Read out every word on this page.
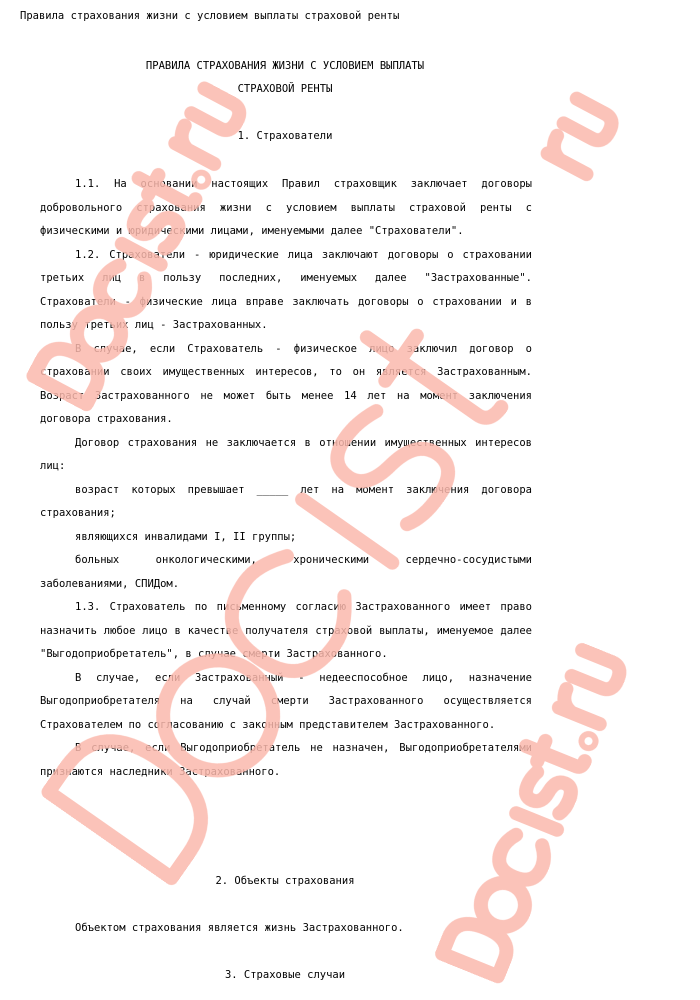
Правила страхования жизни с условием выплаты страховой ренты
ПРАВИЛА СТРАХОВАНИЯ ЖИЗНИ С УСЛОВИЕМ ВЫПЛАТЫ
СТРАХОВОЙ РЕНТЫ
1. Страхователи

1.1. На основании настоящих Правил страховщик заключает договоры добровольного страхования жизни с условием выплаты страховой ренты с физическими и юридическими лицами, именуемыми далее "Страхователи".

1.2. Страхователи - юридические лица заключают договоры о страховании третьих лиц в пользу последних, именуемых далее "Застрахованные". Страхователи - физические лица вправе заключать договоры о страховании и в пользу третьих лиц - Застрахованных.

В случае, если Страхователь - физическое лицо заключил договор о страховании своих имущественных интересов, то он является Застрахованным. Возраст Застрахованного не может быть менее 14 лет на момент заключения договора страхования.

Договор страхования не заключается в отношении имущественных интересов лиц:

возраст которых превышает _____ лет на момент заключения договора страхования;

являющихся инвалидами I, II группы;

больных онкологическими, хроническими сердечно-сосудистыми заболеваниями, СПИДом.

1.3. Страхователь по письменному согласию Застрахованного имеет право назначить любое лицо в качестве получателя страховой выплаты, именуемое далее "Выгодоприобретатель", в случае смерти Застрахованного.

В случае, если Застрахованный - недееспособное лицо, назначение Выгодоприобретателя на случай смерти Застрахованного осуществляется Страхователем по согласованию с законным представителем Застрахованного.

В случае, если Выгодоприобретатель не назначен, Выгодоприобретателями признаются наследники Застрахованного.

2. Объекты страхования
Объектом страхования является жизнь Застрахованного.
3. Страховые случаи
